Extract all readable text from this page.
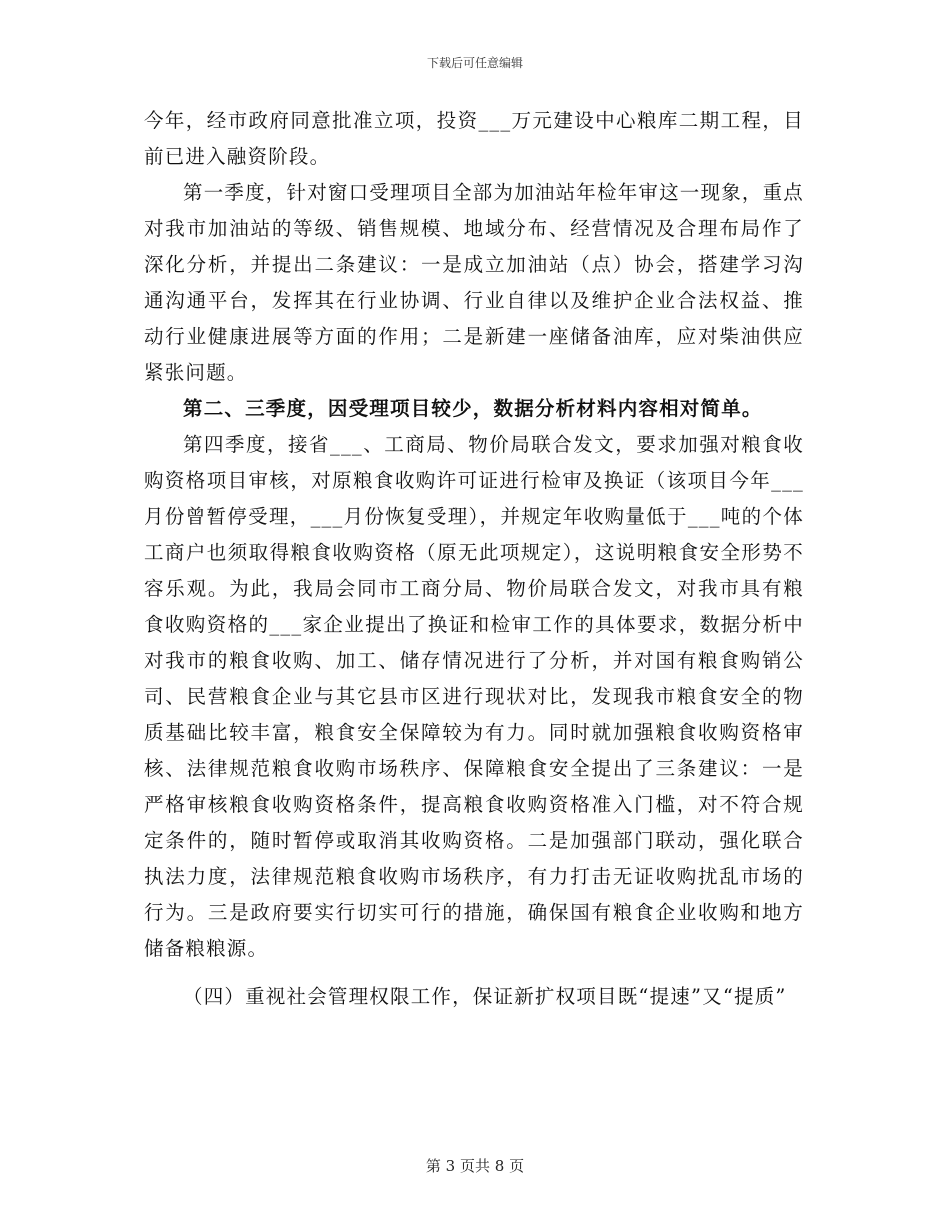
下载后可任意编辑

今年，经市政府同意批准立项，投资___万元建设中心粮库二期工程，目前已进入融资阶段。

第一季度，针对窗口受理项目全部为加油站年检年审这一现象，重点对我市加油站的等级、销售规模、地域分布、经营情况及合理布局作了深化分析，并提出二条建议：一是成立加油站（点）协会，搭建学习沟通沟通平台，发挥其在行业协调、行业自律以及维护企业合法权益、推动行业健康进展等方面的作用；二是新建一座储备油库，应对柴油供应紧张问题。

第二、三季度，因受理项目较少，数据分析材料内容相对简单。

第四季度，接省___、工商局、物价局联合发文，要求加强对粮食收购资格项目审核，对原粮食收购许可证进行检审及换证（该项目今年___月份曾暂停受理，___月份恢复受理），并规定年收购量低于___吨的个体工商户也须取得粮食收购资格（原无此项规定），这说明粮食安全形势不容乐观。为此，我局会同市工商分局、物价局联合发文，对我市具有粮食收购资格的___家企业提出了换证和检审工作的具体要求，数据分析中对我市的粮食收购、加工、储存情况进行了分析，并对国有粮食购销公司、民营粮食企业与其它县市区进行现状对比，发现我市粮食安全的物质基础比较丰富，粮食安全保障较为有力。同时就加强粮食收购资格审核、法律规范粮食收购市场秩序、保障粮食安全提出了三条建议：一是严格审核粮食收购资格条件，提高粮食收购资格准入门槛，对不符合规定条件的，随时暂停或取消其收购资格。二是加强部门联动，强化联合执法力度，法律规范粮食收购市场秩序，有力打击无证收购扰乱市场的行为。三是政府要实行切实可行的措施，确保国有粮食企业收购和地方储备粮粮源。

（四）重视社会管理权限工作，保证新扩权项目既“提速”又“提质”

第 3 页共 8 页
